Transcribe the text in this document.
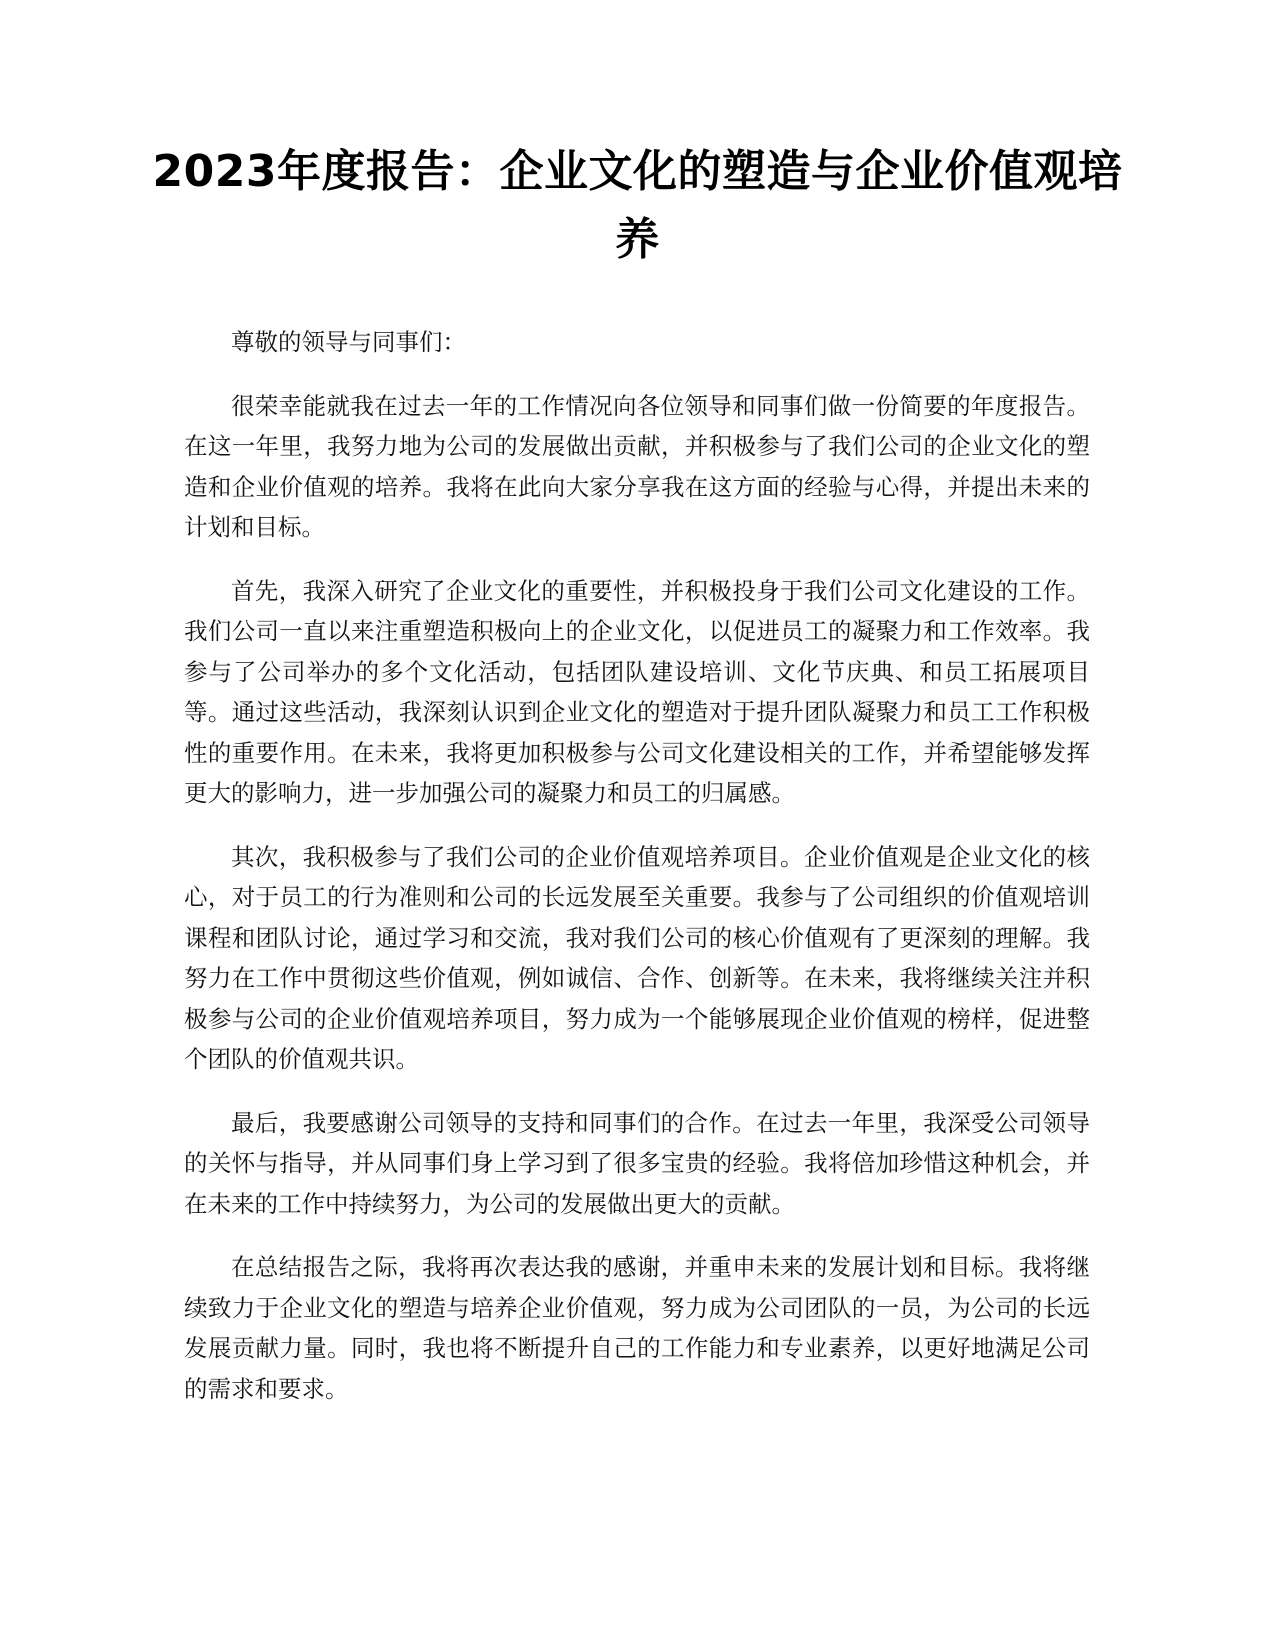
2023年度报告：企业文化的塑造与企业价值观培养

尊敬的领导与同事们：

很荣幸能就我在过去一年的工作情况向各位领导和同事们做一份简要的年度报告。在这一年里，我努力地为公司的发展做出贡献，并积极参与了我们公司的企业文化的塑造和企业价值观的培养。我将在此向大家分享我在这方面的经验与心得，并提出未来的计划和目标。

首先，我深入研究了企业文化的重要性，并积极投身于我们公司文化建设的工作。我们公司一直以来注重塑造积极向上的企业文化，以促进员工的凝聚力和工作效率。我参与了公司举办的多个文化活动，包括团队建设培训、文化节庆典、和员工拓展项目等。通过这些活动，我深刻认识到企业文化的塑造对于提升团队凝聚力和员工工作积极性的重要作用。在未来，我将更加积极参与公司文化建设相关的工作，并希望能够发挥更大的影响力，进一步加强公司的凝聚力和员工的归属感。

其次，我积极参与了我们公司的企业价值观培养项目。企业价值观是企业文化的核心，对于员工的行为准则和公司的长远发展至关重要。我参与了公司组织的价值观培训课程和团队讨论，通过学习和交流，我对我们公司的核心价值观有了更深刻的理解。我努力在工作中贯彻这些价值观，例如诚信、合作、创新等。在未来，我将继续关注并积极参与公司的企业价值观培养项目，努力成为一个能够展现企业价值观的榜样，促进整个团队的价值观共识。

最后，我要感谢公司领导的支持和同事们的合作。在过去一年里，我深受公司领导的关怀与指导，并从同事们身上学习到了很多宝贵的经验。我将倍加珍惜这种机会，并在未来的工作中持续努力，为公司的发展做出更大的贡献。

在总结报告之际，我将再次表达我的感谢，并重申未来的发展计划和目标。我将继续致力于企业文化的塑造与培养企业价值观，努力成为公司团队的一员，为公司的长远发展贡献力量。同时，我也将不断提升自己的工作能力和专业素养，以更好地满足公司的需求和要求。
